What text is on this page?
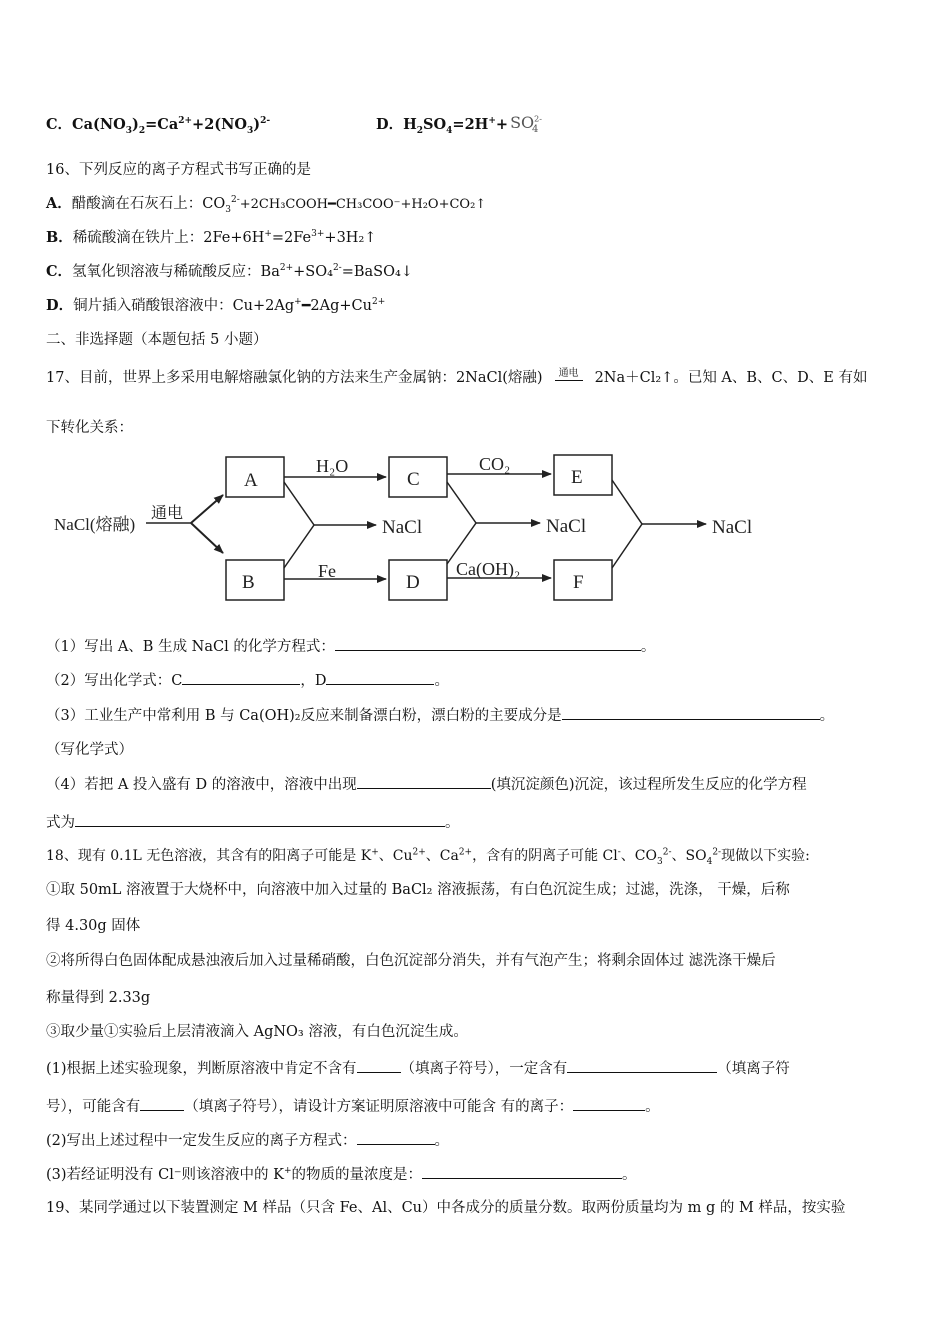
C．$Ca(NO_3)_2=Ca^{2+}+2(NO_3)^{2-}$	D．$H_2SO_4=2H^++ SO^{2-}_4$
16、下列反应的离子方程式书写正确的是
A．醋酸滴在石灰石上：$CO_3^{2-}+2CH_3COOH━CH_3COO^-+H_2O+CO_2↑$
B．稀硫酸滴在铁片上：$2Fe+6H^+=2Fe^{3+}+3H_2↑$
C．氢氧化钡溶液与稀硫酸反应：$Ba^{2+}+SO_4^{2-}=BaSO_4↓$
D．铜片插入硝酸银溶液中：$Cu+2Ag^+━2Ag+Cu^{2+}$
二、非选择题（本题包括 5 小题）
17、目前，世界上多采用电解熔融氯化钠的方法来生产金属钠：2NaCl(熔融)	通电 2Na＋Cl₂↑。已知 A、B、C、D、E 有如
下转化关系：
NaCl(熔融)
通电
A
B
H₂O
Fe
NaCl
C
D
CO₂
Ca(OH)₂
NaCl
E
F
NaCl
（1）写出 A、B 生成 NaCl 的化学方程式：	。
（2）写出化学式：C	，D	。
（3）工业生产中常利用 B 与 Ca(OH)₂反应来制备漂白粉，漂白粉的主要成分是	。
（写化学式）
（4）若把 A 投入盛有 D 的溶液中，溶液中出现	(填沉淀颜色)沉淀，该过程所发生反应的化学方程
式为	。
18、现有 0.1L 无色溶液，其含有的阳离子可能是 K+、$Cu^{2+}$、$Ca^{2+}$，含有的阴离子可能 Cl-、$CO_3^{2-}$、$SO_4^{2-}$现做以下实验:
①取 50mL 溶液置于大烧杯中，向溶液中加入过量的 BaCl₂ 溶液振荡，有白色沉淀生成；过滤，洗涤， 干燥，后称
得 4.30g 固体
②将所得白色固体配成悬浊液后加入过量稀硝酸，白色沉淀部分消失，并有气泡产生；将剩余固体过 滤洗涤干燥后
称量得到 2.33g
③取少量①实验后上层清液滴入 AgNO₃ 溶液，有白色沉淀生成。
(1)根据上述实验现象，判断原溶液中肯定不含有	（填离子符号），一定含有	（填离子符
号），可能含有	（填离子符号），请设计方案证明原溶液中可能含 有的离子：	。
(2)写出上述过程中一定发生反应的离子方程式：	。
(3)若经证明没有 Cl⁻则该溶液中的 K+的物质的量浓度是：	。
19、某同学通过以下装置测定 M 样品（只含 Fe、Al、Cu）中各成分的质量分数。取两份质量均为 m g 的 M 样品，按实验
